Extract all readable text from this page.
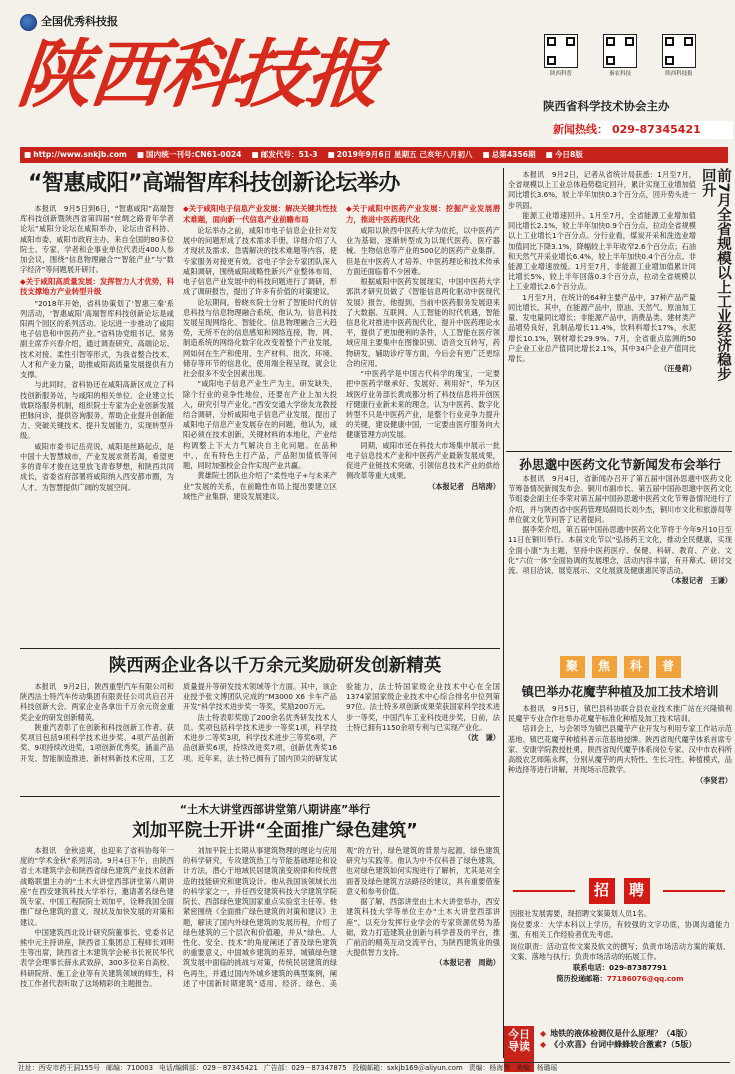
全国优秀科技报
陕西科技报	陕西科普	秦农科技	陕西科技报
陕西省科学技术协会主办
新闻热线： 029-87345421
■ http://www.snkjb.com	■ 国内统一刊号:CN61-0024	■ 邮发代号：51-3	■ 2019年9月6日 星期五 己亥年八月初八	■ 总第4356期	■ 今日8版
“智惠咸阳”高端智库科技创新论坛举办

本报讯　9月5日到6日，“智惠咸阳”高端智库科技创新暨陕西省第四届“丝绸之路青年学者论坛”咸阳分论坛在咸阳举办，论坛由省科协、咸阳市委、咸阳市政府主办，来自全国的80多位院士、专家、学者和企事业单位代表近400人参加会议，围绕“信息物理融合”“智能产业”与“数字经济”等问题展开研讨。

◆关于咸阳高质量发展：发挥智力人才优势，科技支撑地方产业转型升级

“2018年开始，省科协策划了‘智惠三秦’系列活动，‘智惠咸阳’高端智库科技创新论坛是咸阳两个园区的系列活动。论坛进一步推动了咸阳电子信息和中医药产业。”省科协党组书记、常务副主席乔兴春介绍，通过调查研究、高端论坛、技术对接、柔性引智等形式，为我省整合技术、人才和产业力量，助推咸阳高质量发展提供有力支撑。

与此同时，省科协还在咸阳高新区成立了科技创新服务站，与咸阳的相关单位、企业建立长效联络服务机制，组织院士专家为企业创新发展把脉问诊，提供咨询服务，帮助企业提升创新能力、突破关键技术、提升发展能力，实现转型升级。

咸阳市委书记岳亮说，咸阳是丝路起点，是中国十大智慧城市，产业发展求贤若渴，希望更多的青年才俊在这里放飞青春梦想，和陕西共同成长，省委省府部署将咸阳纳入西安都市圈，为人才、为智慧提供广阔的发展空间。

◆关于咸阳电子信息产业发展：解决关键共性技术难题，面向新一代信息产业前瞻布局

论坛举办之前，咸阳市电子信息企业针对发展中的问题形成了技术需求手册，详细介绍了人才现状及需求、急需解决的技术难题等内容，使专家服务对接更有效。省电子学会专家团队深入咸阳调研，围绕咸阳战略性新兴产业整体布局，电子信息产业发展中的科技问题进行了调研，形成了调研报告，提出了许多有价值的对策建议。

论坛期间，曾晓亥院士分析了智能时代的信息科技与信息物理融合系统，他认为，信息科技发展呈现网络化、智能化、信息物理融合三大趋势，无所不在的信息感知和网络连接，物、网、制造系统的网络化数字化改变着整个产业发展，网如何在生产和使用、生产材料、批次、环境、储存等环节的信息化，使用端全程呈现，就会让社会很多不安全因素出现。

“咸阳电子信息产业生产为主，研发缺失，除个行业的竞争性地位，还要在产业上加大投入，研究引导产业化。”西安交通大学徐友龙教授结合调研，分析咸阳电子信息产业发展，提出了咸阳电子信息产业发展存在的问题，他认为，咸阳必须在技术创新，关键材料的本地化，产业结构调整上下大力气解决自主化问题。在品种中，，在有特色主打产品，产品附加值低等问题，同时加强校企合作实现产业共赢。

黄雄院士团队也介绍了“柔性电子+与未来产业”发展的关系，在前瞻性布局上提出要建立区域性产业集群，建设发展建议。

◆关于咸阳中医药产业发展：挖掘产业发展潜力，推进中医药现代化

咸阳以陕西中医药大学为依托，以中医药产业为基础，逐渐转型成为以现代医药、医疗器械、生物信息等产业的500亿的医药产业集群，但是在中医药人才培养、中医药理论和技术传承方面还面临着不少困难。

根据咸阳中医药发展现实，中国中医药大学郭洪才研究员做了《智能信息两化驱动中医现代发展》报告，他提到，当前中医药服务发展迎来了大数据、互联网、人工智能的时代机遇，智能信息化对推进中医药现代化，提升中医药理论水平，提供了更加便利的条件，人工智能在医疗领域应用主要集中在图像识别、语音交互转写，药物研发，辅助诊疗等方面，今后会有更广泛更综合的应用。

“中医药学是中国古代科学的瑰宝，一定要把中医药学继承好、发展好、利用好”，华为区域医疗业务部长黄成都分析了科技信息将开创医疗健康行业新未来的理念，认为中医药、数字化转型不只是中医药产业，是整个行业竞争力提升的关键，建设健康中国，一定要由医疗服务向大健康管理方向发展。

同期，咸阳市还在科技大市场集中展示一批电子信息技术产业和中医药产业最新发展成果，促进产业链技术突破、引领信息技术产业的供给侧改革等重大成果。

（本报记者　吕培涛）
陕西两企业各以千万余元奖励研发创新精英

本报讯　9月2日，陕西重型汽车有限公司和陕西法士特汽车传动集团有限责任公司共启召开科技创新大会。两家企业各拿出千万余元资金重奖企业的研发创新精英。

陕重汽表彰了在创新和科技创新工作者。获奖项目包括9项科学技术进步奖、4项产品创新奖、9项持续改进奖，1项创新优秀奖，涵盖产品开发、智能制造推进、新材料新技术应用，工艺质量提升等研发技术领域等个方面。其中，该企业授予张文博团队完成的“M3000 X6 卡车产品开发”科学技术进步奖一等奖，奖励200万元。

法士特表彰奖励了200余名优秀研发技术人员。奖项包括科学技术进步一等奖1项，科学技术进步二等奖3项，科学技术进步三等奖6项，产品创新奖6项，持续改进奖7项，创新优秀奖16项。近年来，法士特已拥有了国内顶尖的研发试验能力，法士特国家级企业技术中心在全国1374家国家级企业技术中心综合排名中位列第97位。法士特多项创新成果荣获国家科学技术进步一等奖，中国汽车工业科技进步奖，日前，法士特已拥有1150余项专利与已实现产业化。

（沈　谦）
“土木大讲堂西部讲堂第八期讲座”举行
刘加平院士开讲“全面推广绿色建筑”

本报讯　金秋送爽，也迎来了省科协每年一度的“学术金秋”系列活动。9月4日下午，由陕西省土木建筑学会和陕西省绿色建筑产业技术创新战略联盟主办的“土木大讲堂西部讲堂第八期讲座”在西安建筑科技大学举行，邀请著名绿色建筑专家、中国工程院院士刘加平，诠释我国全面推广绿色建筑的意义、现状及加快发展的对策和建议。

中国建筑西北设计研究院董事长、党委书记熊中元主持讲座，陕西省工集团总工程师长刘明生等出席，陕西省土木建筑学会秘书长祝民华代表学会理事长薛永武致辞，300多位来自高校、科研院所、施工企业等有关建筑领域的师生，科技工作者代表听取了这场精彩的主题报告。

刘加平院士长期从事建筑物理的理论与应用的科学研究，专攻建筑热工与节能基础理论和设计方法，潜心于地域民居建筑演变规律和传统营造的技能研究和建筑设计。他从我国该领域长出的科学家之一，并任西安建筑科技大学建筑学院院长、西部绿色建筑国家重点实验室主任等。他紧密围绕《全面推广绿色建筑的对策和建议》主题，解读了国内外绿色建筑的发展历程，介绍了绿色建筑的三个层次和价值趣，并从“绿色、人性化、安全、技术”的角度阐述了普及绿色建筑的重要意义，中国城乡建筑的差异，城镇绿色建筑发展中面临的挑战与对策，传统民居建筑的绿色再生，并通过国内外城乡建筑的典型案例，阐述了中国新时期建筑“适用、经济、绿色、美观”的方针，绿色建筑的背景与起源，绿色建筑研究与实践等。他认为中不仅科普了绿色建筑，也对绿色建筑如何实现进行了解析，尤其是对全面普及绿色建筑方法路径的建议，具有重要借鉴意义和参考价值。

据了解，西部讲堂由土木大讲堂举办，西安建筑科技大学等单位主办“土木大讲堂西部讲座”，以充分发挥行业学会的专家资源优势为基础，致力打造建筑业创新与科学普及的平台，推广前沿的精英互动交流平台，为陕西建筑业的强大提供智力支持。

（本报记者　周勋）

本报讯　9月2日，记者从省统计局获悉：1月至7月，全省规模以上工业总体趋势稳定回升，累计实现工业增加值同比增长3.6%，较上半年加快0.3个百分点，回升势头进一步巩固。

能源工业增速回升。1月至7月，全省能源工业增加值同比增长2.1%，较上半年加快0.9个百分点，拉动全省规模以上工业增长1个百分点。分行业看，煤炭开采和洗选业增加值同比下降3.1%，降幅较上半年收窄2.6个百分点；石油和天然气开采业增长6.4%，较上半年加快0.4个百分点。非能源工业增速放缓。1月至7月，非能源工业增加值累计同比增长5%，较上半年回落0.3个百分点，拉动全省规模以上工业增长2.6个百分点。

1月至7月，在统计的64种主要产品中，37种产品产量同比增长。其中，在能源产品中，原油、天然气、原油加工量、发电量同比增长；非能源产品中，消费品类、建材类产品增势良好，乳制品增长11.4%，饮料料增长17%，水泥增长10.1%，钢材增长29.9%。7月，全省重点监测的50户企业工业总产值同比增长2.1%，其中34户企业产值同比增长。

（汪曼莉）	前7月全省规模以上工业经济稳步回升
孙思邈中医药文化节新闻发布会举行

本报讯　9月4日，省新闻办召开了第五届中国孙思邈中医药文化节筹备情况新闻发布会。铜川市副市长、第五届中国孙思邈中医药文化节组委会副主任李荣对第五届中国孙思邈中医药文化节筹备情况进行了介绍，并与陕西省中医药管理局副局长刘少杰，铜川市文化和旅游局等单位就文化节问答了记者提问。

据李荣介绍，第五届中国孙思邈中医药文化节将于今年9月10日至11日在铜川举行。本届文化节以“弘扬药王文化，推动全民健康，实现全面小康”为主题，坚持中医药医疗、保健、科研、教育、产业、文化“六位一体”全面协调的发展理念，活动内容丰富，有开幕式、研讨交流、项目洽谈、展览展示、文化展演及健康惠民等活动。

（本报记者　王谦）
聚	焦	科	普
镇巴举办花魔芋种植及加工技术培训

本报讯　9月5日，镇巴县科协联合县农业技术推广站在兴隆镇利民魔芋专业合作社举办花魔芋标准化种植及加工技术培训。

培训会上，与会领导为镇巴县魔芋产业开发与利用专家工作站示范基地、镇巴花魔芋种植科普示范基地授牌。陕西省现代魔芋体系首席专家、安康学院教授杜勇，陕西省现代魔芋体系岗位专家、汉中市农科所高级农艺师陈永辉，分别从魔芋的两大特性、生长习性、种植模式，品种选择等进行讲解，并现场示范教学。

（李贤君）
招	聘

因报社发展需要，现招聘文案策划人员1名。

岗位要求：大学本科以上学历，有较强的文字功底，协调沟通能力强，有相关工作经验者优先考虑。

岗位职责：活动宣传文案及软文的撰写；负责市场活动方案的策划、文案、落地与执行；负责市场活动的拓展工作。

联系电话：029-87387791

简历投递邮箱：77186076@qq.com

今日导读
◆ 地铁的液体检测仪是什么原理？（4版）
◆ 《小欢喜》台词中蜂蜂较合激素?（5版）
社址：西安市药王洞155号 邮编：710003 电话/编辑部：029－87345421 广告部：029－87347875 投稿邮箱：sxkjb169＠aliyun.com 责编：杨海琴 美编：杨璐瑶
